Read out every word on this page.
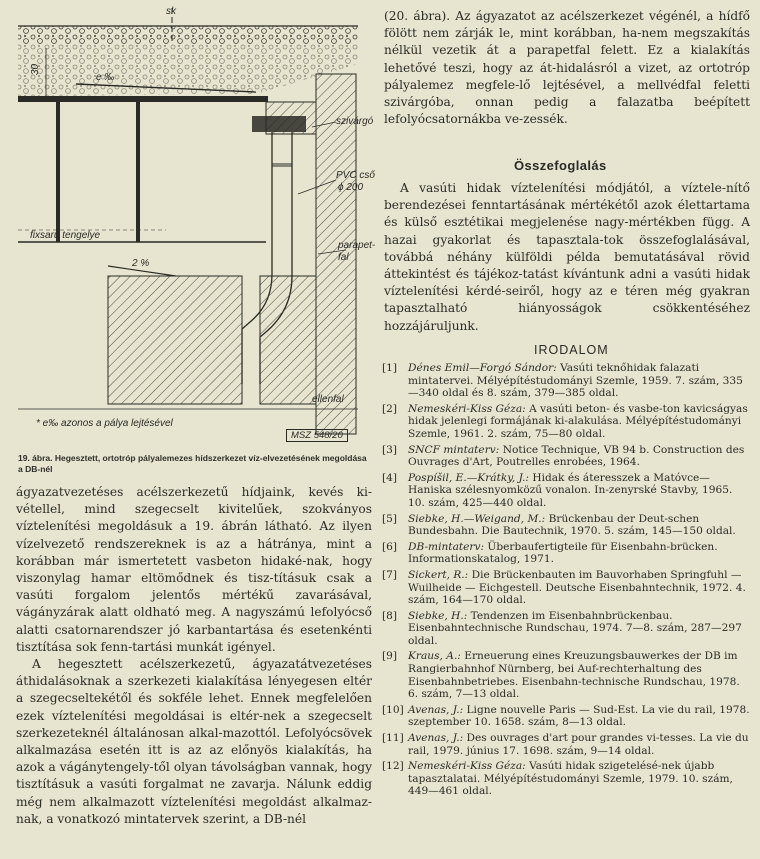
sk
30
e ‰
szivárgó
PVC cső
ϕ 200
fixsaru tengelye
parapet-
fal
2 %
ellenfal
* e‰ azonos a pálya lejtésével
MSZ 548/20
19. ábra. Hegesztett, ortotróp pályalemezes hídszerkezet víz-elvezetésének megoldása a DB-nél

ágyazatvezetéses acélszerkezetű hídjaink, kevés ki-vétellel, mind szegecselt kivitelűek, szokványos víztelenítési megoldásuk a 19. ábrán látható. Az ilyen vízelvezető rendszereknek is az a hátránya, mint a korábban már ismertetett vasbeton hidaké-nak, hogy viszonylag hamar eltömődnek és tisz-tításuk csak a vasúti forgalom jelentős mértékű zavarásával, vágányzárak alatt oldható meg. A nagyszámú lefolyócső alatti csatornarendszer jó karbantartása és esetenkénti tisztítása sok fenn-tartási munkát igényel.

A hegesztett acélszerkezetű, ágyazatátvezetéses áthidalásoknak a szerkezeti kialakítása lényegesen eltér a szegecseltekétől és sokféle lehet. Ennek megfelelően ezek víztelenítési megoldásai is eltér-nek a szegecselt szerkezeteknél általánosan alkal-mazottól. Lefolyócsövek alkalmazása esetén itt is az az előnyös kialakítás, ha azok a vágánytengely-től olyan távolságban vannak, hogy tisztításuk a vasúti forgalmat ne zavarja. Nálunk eddig még nem alkalmazott víztelenítési megoldást alkalmaz-nak, a vonatkozó mintatervek szerint, a DB-nél

(20. ábra). Az ágyazatot az acélszerkezet végénél, a hídfő fölött nem zárják le, mint korábban, ha-nem megszakítás nélkül vezetik át a parapetfal felett. Ez a kialakítás lehetővé teszi, hogy az át-hidalásról a vizet, az ortotróp pályalemez megfele-lő lejtésével, a mellvédfal feletti szivárgóba, onnan pedig a falazatba beépített lefolyócsatornákba ve-zessék.

Összefoglalás

A vasúti hidak víztelenítési módjától, a víztele-nítő berendezései fenntartásának mértékétől azok élettartama és külső esztétikai megjelenése nagy-mértékben függ. A hazai gyakorlat és tapasztala-tok összefoglalásával, továbbá néhány külföldi példa bemutatásával rövid áttekintést és tájékoz-tatást kívántunk adni a vasúti hidak víztelenítési kérdé-seiről, hogy az e téren még gyakran tapasztalható hiányosságok csökkentéséhez hozzájáruljunk.

IRODALOM
[1] Dénes Emil—Forgó Sándor: Vasúti teknőhidak falazati mintatervei. Mélyépítéstudományi Szemle, 1959. 7. szám, 335—340 oldal és 8. szám, 379—385 oldal.
[2] Nemeskéri-Kiss Géza: A vasúti beton- és vasbe-ton kavicságyas hidak jelenlegi formájának ki-alakulása. Mélyépítéstudományi Szemle, 1961. 2. szám, 75—80 oldal.
[3] SNCF mintaterv: Notice Technique, VB 94 b. Construction des Ouvrages d'Art, Poutrelles enrobées, 1964.
[4] Pospíšil, E.—Krátky, J.: Hidak és áteresszek a Matóvce—Haniska szélesnyomközű vonalon. In-zenyrské Stavby, 1965. 10. szám, 425—440 oldal.
[5] Siebke, H.—Weigand, M.: Brückenbau der Deut-schen Bundesbahn. Die Bautechnik, 1970. 5. szám, 145—150 oldal.
[6] DB-mintaterv: Überbaufertigteile für Eisenbahn-brücken. Informationskatalog, 1971.
[7] Sickert, R.: Die Brückenbauten im Bauvorhaben Springfuhl — Wuilheide — Eichgestell. Deutsche Eisenbahntechnik, 1972. 4. szám, 164—170 oldal.
[8] Siebke, H.: Tendenzen im Eisenbahnbrückenbau. Eisenbahntechnische Rundschau, 1974. 7—8. szám, 287—297 oldal.
[9] Kraus, A.: Erneuerung eines Kreuzungsbauwerkes der DB im Rangierbahnhof Nürnberg, bei Auf-rechterhaltung des Eisenbahnbetriebes. Eisenbahn-technische Rundschau, 1978. 6. szám, 7—13 oldal.
[10] Avenas, J.: Ligne nouvelle Paris — Sud-Est. La vie du rail, 1978. szeptember 10. 1658. szám, 8—13 oldal.
[11] Avenas, J.: Des ouvrages d'art pour grandes vi-tesses. La vie du rail, 1979. június 17. 1698. szám, 9—14 oldal.
[12] Nemeskéri-Kiss Géza: Vasúti hidak szigetelésé-nek újabb tapasztalatai. Mélyépítéstudományi Szemle, 1979. 10. szám, 449—461 oldal.
